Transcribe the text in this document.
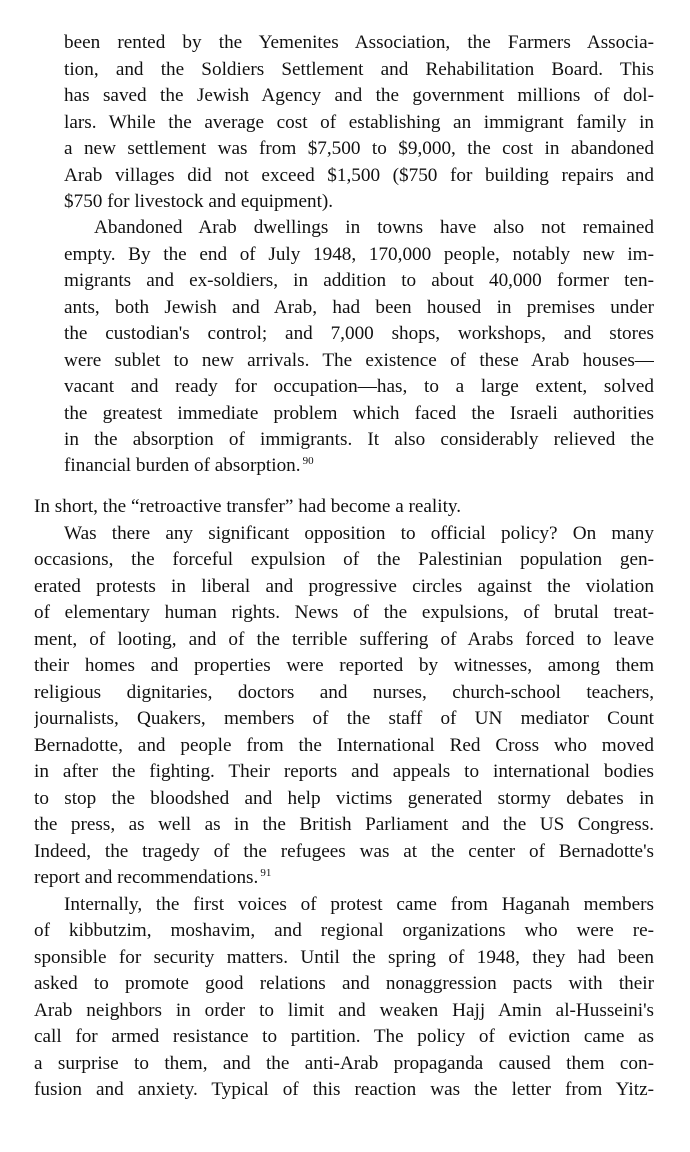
been rented by the Yemenites Association, the Farmers Associa-
tion, and the Soldiers Settlement and Rehabilitation Board. This
has saved the Jewish Agency and the government millions of dol-
lars. While the average cost of establishing an immigrant family in
a new settlement was from $7,500 to $9,000, the cost in abandoned
Arab villages did not exceed $1,500 ($750 for building repairs and
$750 for livestock and equipment).
Abandoned Arab dwellings in towns have also not remained
empty. By the end of July 1948, 170,000 people, notably new im-
migrants and ex-soldiers, in addition to about 40,000 former ten-
ants, both Jewish and Arab, had been housed in premises under
the custodian's control; and 7,000 shops, workshops, and stores
were sublet to new arrivals. The existence of these Arab houses—
vacant and ready for occupation—has, to a large extent, solved
the greatest immediate problem which faced the Israeli authorities
in the absorption of immigrants. It also considerably relieved the
financial burden of absorption. $^{90}$
In short, the “retroactive transfer” had become a reality.
Was there any significant opposition to official policy? On many
occasions, the forceful expulsion of the Palestinian population gen-
erated protests in liberal and progressive circles against the violation
of elementary human rights. News of the expulsions, of brutal treat-
ment, of looting, and of the terrible suffering of Arabs forced to leave
their homes and properties were reported by witnesses, among them
religious dignitaries, doctors and nurses, church-school teachers,
journalists, Quakers, members of the staff of UN mediator Count
Bernadotte, and people from the International Red Cross who moved
in after the fighting. Their reports and appeals to international bodies
to stop the bloodshed and help victims generated stormy debates in
the press, as well as in the British Parliament and the US Congress.
Indeed, the tragedy of the refugees was at the center of Bernadotte's
report and recommendations. $^{91}$
Internally, the first voices of protest came from Haganah members
of kibbutzim, moshavim, and regional organizations who were re-
sponsible for security matters. Until the spring of 1948, they had been
asked to promote good relations and nonaggression pacts with their
Arab neighbors in order to limit and weaken Hajj Amin al-Husseini's
call for armed resistance to partition. The policy of eviction came as
a surprise to them, and the anti-Arab propaganda caused them con-
fusion and anxiety. Typical of this reaction was the letter from Yitz-
